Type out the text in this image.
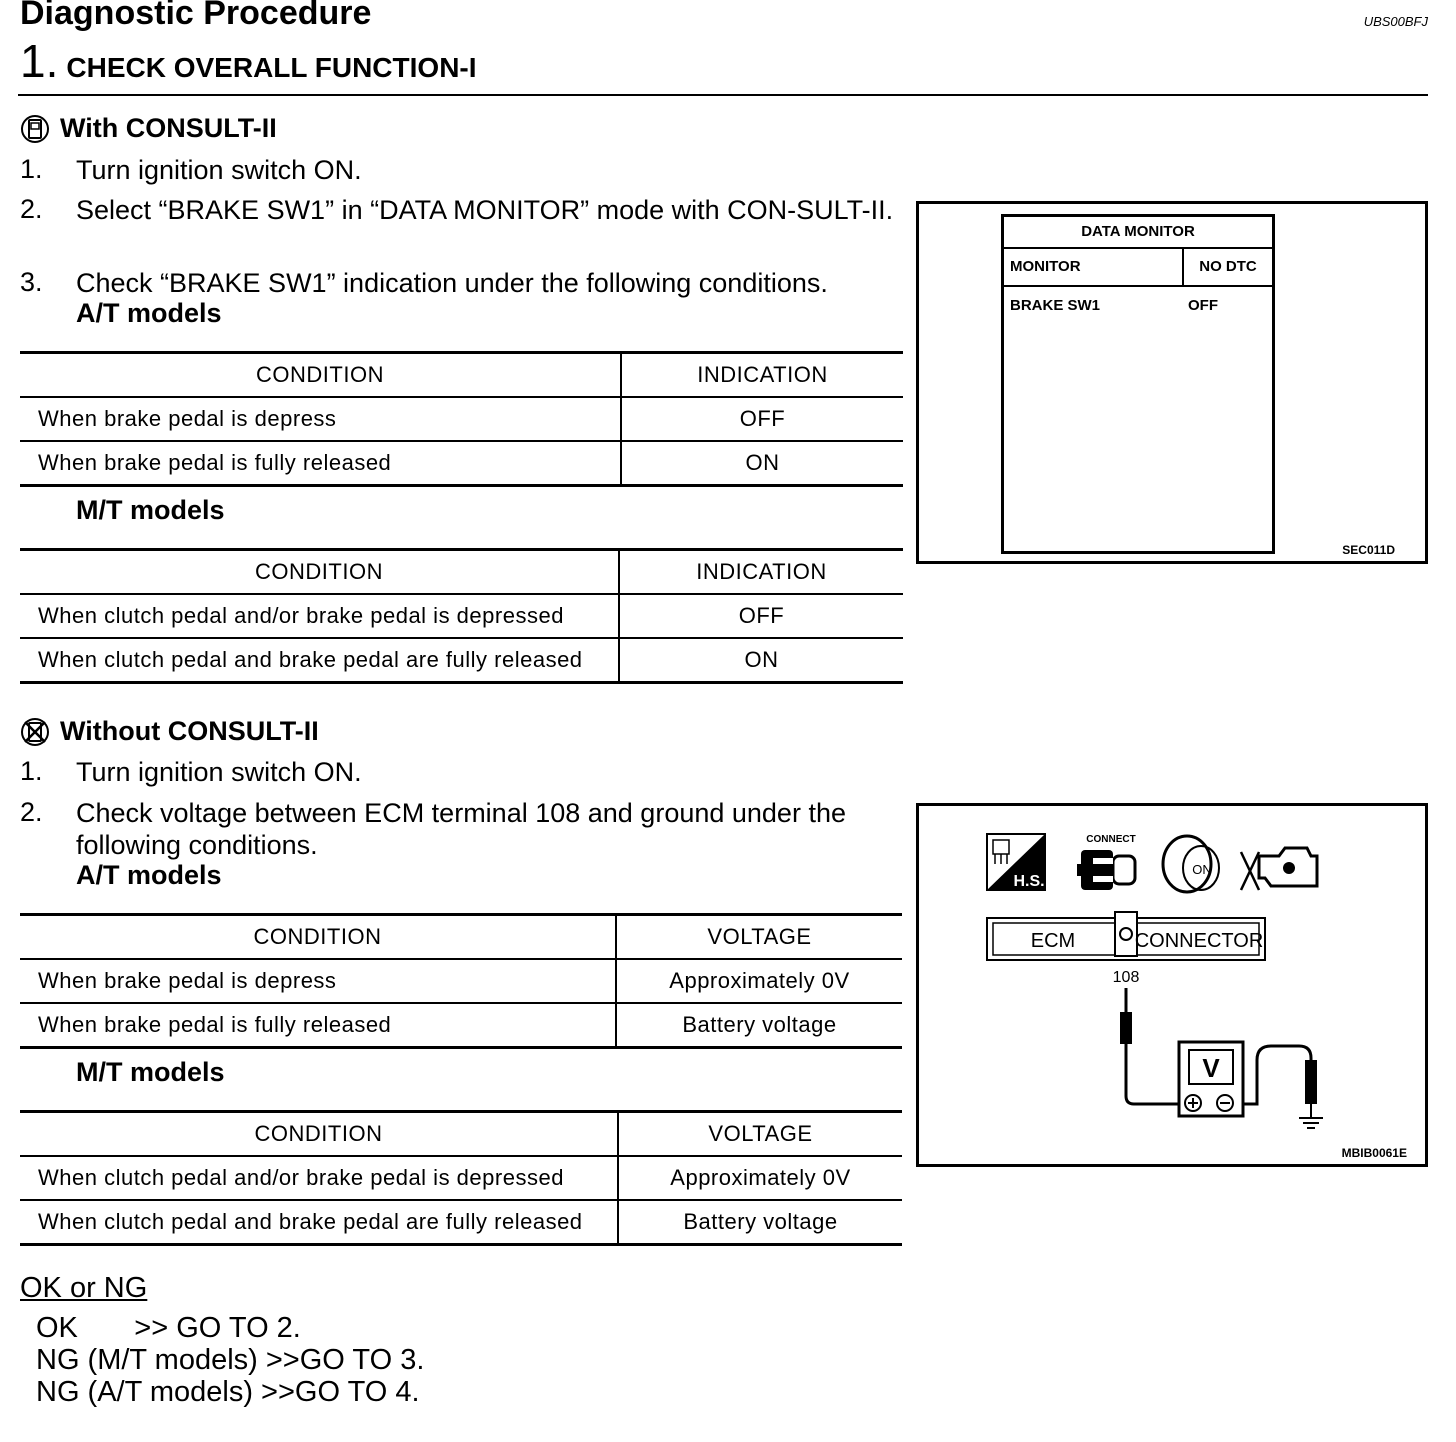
Diagnostic Procedure	UBS00BFJ
1. CHECK OVERALL FUNCTION-I
With CONSULT-II
1.	Turn ignition switch ON.
2.	Select “BRAKE SW1” in “DATA MONITOR” mode with CON-SULT-II.
3.	Check “BRAKE SW1” indication under the following conditions.
A/T models
CONDITION	INDICATION
When brake pedal is depress	OFF
When brake pedal is fully released	ON
M/T models
CONDITION	INDICATION
When clutch pedal and/or brake pedal is depressed	OFF
When clutch pedal and brake pedal are fully released	ON
DATA MONITOR
MONITOR	NO DTC
BRAKE SW1	OFF
SEC011D
Without CONSULT-II
1.	Turn ignition switch ON.
2.	Check voltage between ECM terminal 108 and ground under the following conditions.
A/T models
CONDITION	VOLTAGE
When brake pedal is depress	Approximately 0V
When brake pedal is fully released	Battery voltage
M/T models
CONDITION	VOLTAGE
When clutch pedal and/or brake pedal is depressed	Approximately 0V
When clutch pedal and brake pedal are fully released	Battery voltage
H.S.
CONNECT
ON
ECM	CONNECTOR
108
V
MBIB0061E
OK or NG
OK       >> GO TO 2.
NG (M/T models) >>GO TO 3.
NG (A/T models) >>GO TO 4.
